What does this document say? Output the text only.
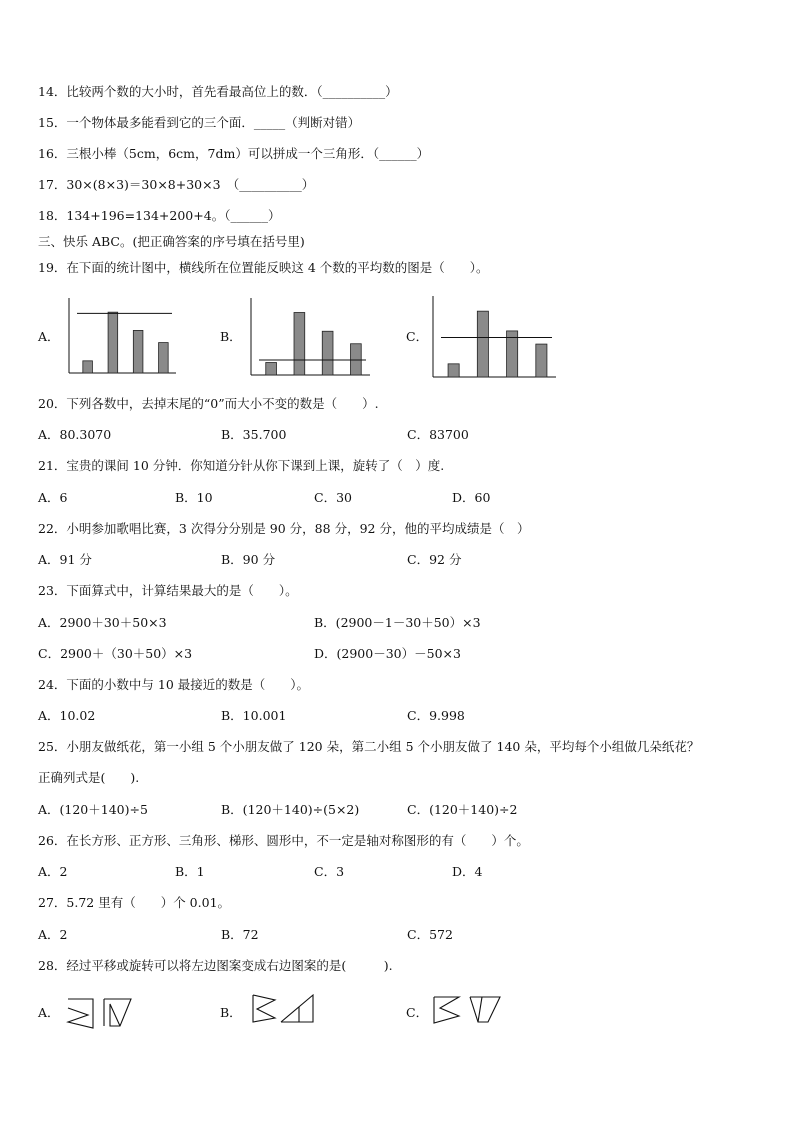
14．比较两个数的大小时，首先看最高位上的数．（__________）
15．一个物体最多能看到它的三个面．_____（判断对错）
16．三根小棒（5cm，6cm，7dm）可以拼成一个三角形．（______）
17．30×(8×3)＝30×8+30×3　（__________）
18．134+196=134+200+4。（______）
三、快乐 ABC。(把正确答案的序号填在括号里)
19．在下面的统计图中，横线所在位置能反映这 4 个数的平均数的图是（　　）。
A．	B．	C．
20．下列各数中，去掉末尾的“0”而大小不变的数是（　　）.
A．80.3070	B．35.700	C．83700
21．宝贵的课间 10 分钟．你知道分针从你下课到上课，旋转了（　）度.
A．6	B．10	C．30	D．60
22．小明参加歌唱比赛，3 次得分分别是 90 分，88 分，92 分，他的平均成绩是（　）
A．91 分	B．90 分	C．92 分
23．下面算式中，计算结果最大的是（　　）。
A．2900＋30＋50×3	B．(2900－1－30＋50）×3
C．2900＋（30＋50）×3	D．(2900－30）－50×3
24．下面的小数中与 10 最接近的数是（　　）。
A．10.02	B．10.001	C．9.998
25．小朋友做纸花，第一小组 5 个小朋友做了 120 朵，第二小组 5 个小朋友做了 140 朵，平均每个小组做几朵纸花？
正确列式是(　　).
A．(120＋140)÷5	B．(120＋140)÷(5×2)	C．(120＋140)÷2
26．在长方形、正方形、三角形、梯形、圆形中，不一定是轴对称图形的有（　　）个。
A．2	B．1	C．3	D．4
27．5.72 里有（　　）个 0.01。
A．2	B．72	C．572
28．经过平移或旋转可以将左边图案变成右边图案的是(　　　).
A．	B．	C．
